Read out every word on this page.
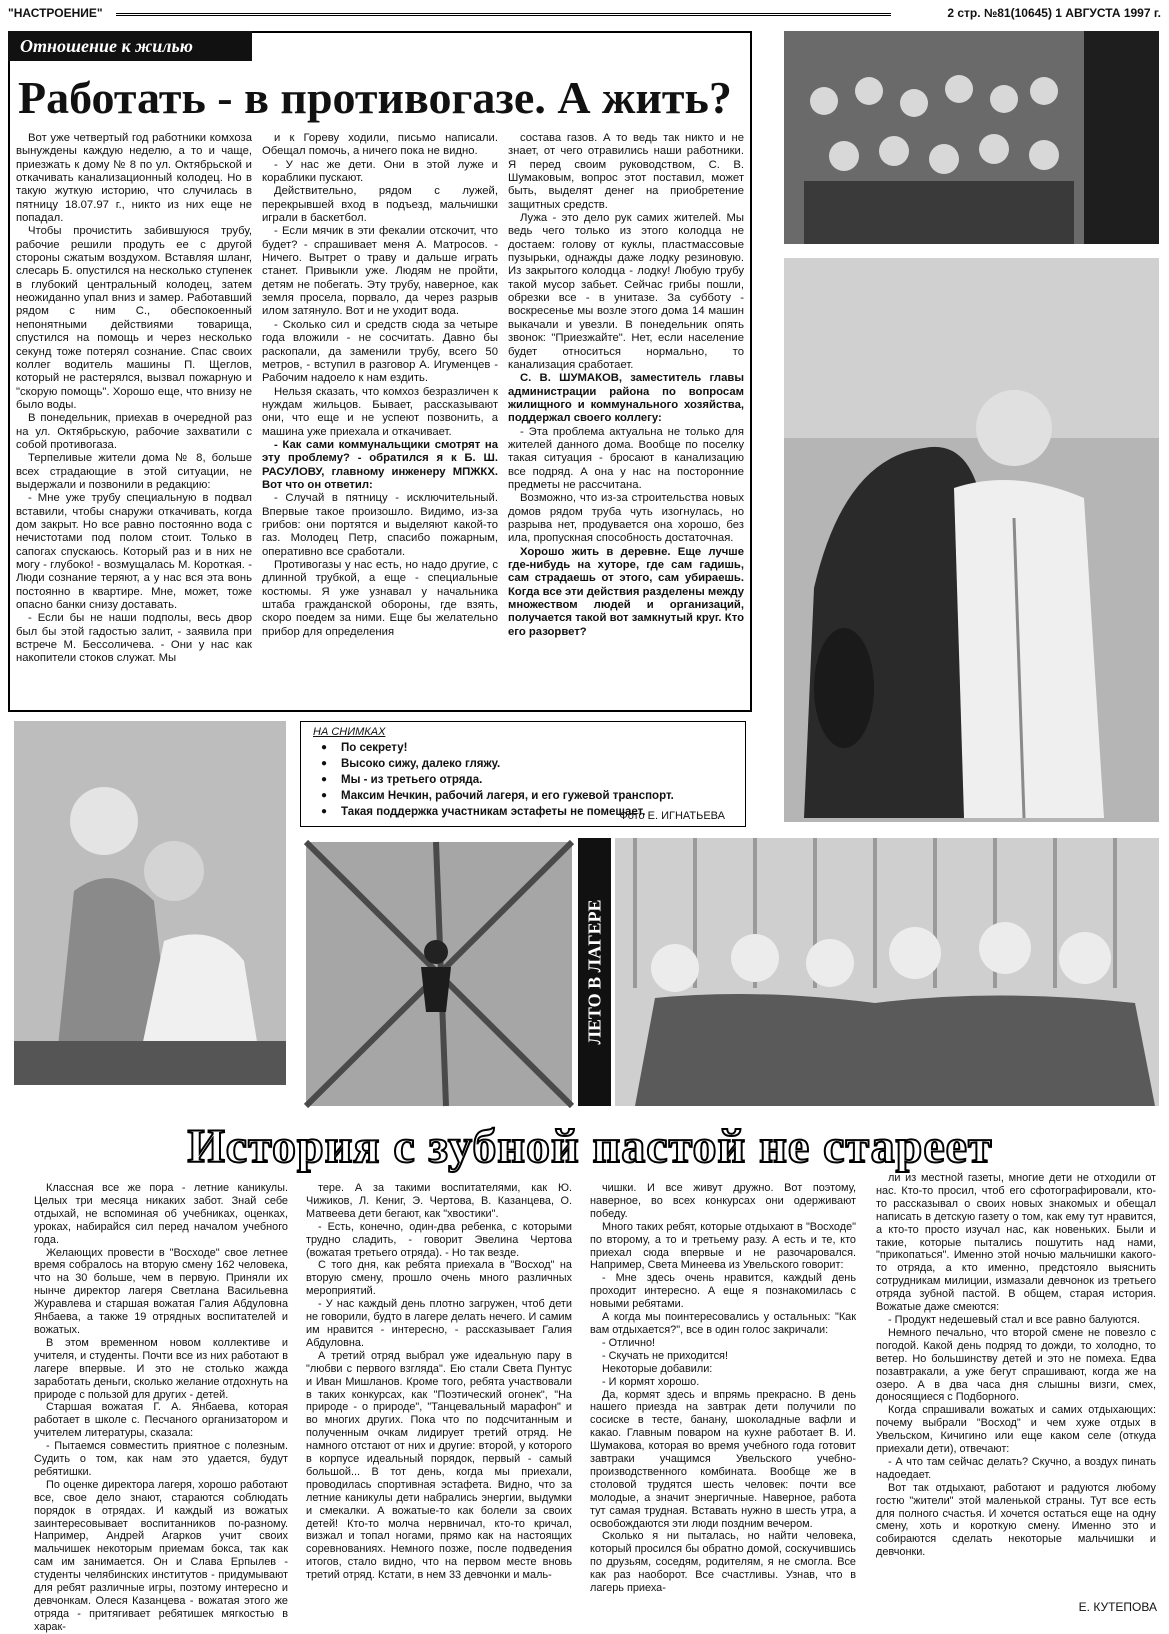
"НАСТРОЕНИЕ"	2 стр. №81(10645) 1 АВГУСТА 1997 г.
Отношение к жилью
Работать - в противогазе. А жить?

Вот уже четвертый год работники комхоза вынуждены каждую неделю, а то и чаще, приезжать к дому № 8 по ул. Октябрьской и откачивать канализационный колодец. Но в такую жуткую историю, что случилась в пятницу 18.07.97 г., никто из них еще не попадал.

Чтобы прочистить забившуюся трубу, рабочие решили продуть ее с другой стороны сжатым воздухом. Вставляя шланг, слесарь Б. опустился на несколько ступенек в глубокий центральный колодец, затем неожиданно упал вниз и замер. Работавший рядом с ним С., обеспокоенный непонятными действиями товарища, спустился на помощь и через несколько секунд тоже потерял сознание. Спас своих коллег водитель машины П. Щеглов, который не растерялся, вызвал пожарную и "скорую помощь". Хорошо еще, что внизу не было воды.

В понедельник, приехав в очередной раз на ул. Октябрьскую, рабочие захватили с собой противогаза.

Терпеливые жители дома № 8, больше всех страдающие в этой ситуации, не выдержали и позвонили в редакцию:

- Мне уже трубу специальную в подвал вставили, чтобы снаружи откачивать, когда дом закрыт. Но все равно постоянно вода с нечистотами под полом стоит. Только в сапогах спускаюсь. Который раз и в них не могу - глубоко! - возмущалась М. Короткая. - Люди сознание теряют, а у нас вся эта вонь постоянно в квартире. Мне, может, тоже опасно банки снизу доставать.

- Если бы не наши подполы, весь двор был бы этой гадостью залит, - заявила при встрече М. Бессоличева. - Они у нас как накопители стоков служат. Мы

и к Гореву ходили, письмо написали. Обещал помочь, а ничего пока не видно.

- У нас же дети. Они в этой луже и кораблики пускают.

Действительно, рядом с лужей, перекрывшей вход в подъезд, мальчишки играли в баскетбол.

- Если мячик в эти фекалии отскочит, что будет? - спрашивает меня А. Матросов. - Ничего. Вытрет о траву и дальше играть станет. Привыкли уже. Людям не пройти, детям не побегать. Эту трубу, наверное, как земля просела, порвало, да через разрыв илом затянуло. Вот и не уходит вода.

- Сколько сил и средств сюда за четыре года вложили - не сосчитать. Давно бы раскопали, да заменили трубу, всего 50 метров, - вступил в разговор А. Игуменцев - Рабочим надоело к нам ездить.

Нельзя сказать, что комхоз безразличен к нуждам жильцов. Бывает, рассказывают они, что еще и не успеют позвонить, а машина уже приехала и откачивает.

- Как сами коммунальщики смотрят на эту проблему? - обратился я к Б. Ш. РАСУЛОВУ, главному инженеру МПЖКХ. Вот что он ответил:

- Случай в пятницу - исключительный. Впервые такое произошло. Видимо, из-за грибов: они портятся и выделяют какой-то газ. Молодец Петр, спасибо пожарным, оперативно все сработали.

Противогазы у нас есть, но надо другие, с длинной трубкой, а еще - специальные костюмы. Я уже узнавал у начальника штаба гражданской обороны, где взять, скоро поедем за ними. Еще бы желательно прибор для определения

состава газов. А то ведь так никто и не знает, от чего отравились наши работники. Я перед своим руководством, С. В. Шумаковым, вопрос этот поставил, может быть, выделят денег на приобретение защитных средств.

Лужа - это дело рук самих жителей. Мы ведь чего только из этого колодца не достаем: голову от куклы, пластмассовые пузырьки, однажды даже лодку резиновую. Из закрытого колодца - лодку! Любую трубу такой мусор забьет. Сейчас грибы пошли, обрезки все - в унитазе. За субботу - воскресенье мы возле этого дома 14 машин выкачали и увезли. В понедельник опять звонок: "Приезжайте". Нет, если население будет относиться нормально, то канализация сработает.

С. В. ШУМАКОВ, заместитель главы администрации района по вопросам жилищного и коммунального хозяйства, поддержал своего коллегу:

- Эта проблема актуальна не только для жителей данного дома. Вообще по поселку такая ситуация - бросают в канализацию все подряд. А она у нас на посторонние предметы не рассчитана.

Возможно, что из-за строительства новых домов рядом труба чуть изогнулась, но разрыва нет, продувается она хорошо, без ила, пропускная способность достаточная.

Хорошо жить в деревне. Еще лучше где-нибудь на хуторе, где сам гадишь, сам страдаешь от этого, сам убираешь. Когда все эти действия разделены между множеством людей и организаций, получается такой вот замкнутый круг. Кто его разорвет?

ЛЕТО В ЛАГЕРЕ
НА СНИМКАХ
● По секрету!
● Высоко сижу, далеко гляжу.
● Мы - из третьего отряда.
● Максим Нечкин, рабочий лагеря, и его гужевой транспорт.
● Такая поддержка участникам эстафеты не помешает.
Фото Е. ИГНАТЬЕВА
История с зубной пастой не стареет

Классная все же пора - летние каникулы. Целых три месяца никаких забот. Знай себе отдыхай, не вспоминая об учебниках, оценках, уроках, набирайся сил перед началом учебного года.

Желающих провести в "Восходе" свое летнее время собралось на вторую смену 162 человека, что на 30 больше, чем в первую. Приняли их нынче директор лагеря Светлана Васильевна Журавлева и старшая вожатая Галия Абдуловна Янбаева, а также 19 отрядных воспитателей и вожатых.

В этом временном новом коллективе и учителя, и студенты. Почти все из них работают в лагере впервые. И это не столько жажда заработать деньги, сколько желание отдохнуть на природе с пользой для других - детей.

Старшая вожатая Г. А. Янбаева, которая работает в школе с. Песчаного организатором и учителем литературы, сказала:

- Пытаемся совместить приятное с полезным. Судить о том, как нам это удается, будут ребятишки.

По оценке директора лагеря, хорошо работают все, свое дело знают, стараются соблюдать порядок в отрядах. И каждый из вожатых заинтересовывает воспитанников по-разному. Например, Андрей Агарков учит своих мальчишек некоторым приемам бокса, так как сам им занимается. Он и Слава Ерпылев - студенты челябинских институтов - придумывают для ребят различные игры, поэтому интересно и девчонкам. Олеся Казанцева - вожатая этого же отряда - притягивает ребятишек мягкостью в харак-

тере. А за такими воспитателями, как Ю. Чижиков, Л. Кениг, Э. Чертова, В. Казанцева, О. Матвеева дети бегают, как "хвостики".

- Есть, конечно, один-два ребенка, с которыми трудно сладить, - говорит Эвелина Чертова (вожатая третьего отряда). - Но так везде.

С того дня, как ребята приехала в "Восход" на вторую смену, прошло очень много различных мероприятий.

- У нас каждый день плотно загружен, чтоб дети не говорили, будто в лагере делать нечего. И самим им нравится - интересно, - рассказывает Галия Абдуловна.

А третий отряд выбрал уже идеальную пару в "любви с первого взгляда". Ею стали Света Пунтус и Иван Мишланов. Кроме того, ребята участвовали в таких конкурсах, как "Поэтический огонек", "На природе - о природе", "Танцевальный марафон" и во многих других. Пока что по подсчитанным и полученным очкам лидирует третий отряд. Не намного отстают от них и другие: второй, у которого в корпусе идеальный порядок, первый - самый большой... В тот день, когда мы приехали, проводилась спортивная эстафета. Видно, что за летние каникулы дети набрались энергии, выдумки и смекалки. А вожатые-то как болели за своих детей! Кто-то молча нервничал, кто-то кричал, визжал и топал ногами, прямо как на настоящих соревнованиях. Немного позже, после подведения итогов, стало видно, что на первом месте вновь третий отряд. Кстати, в нем 33 девчонки и маль-

чишки. И все живут дружно. Вот поэтому, наверное, во всех конкурсах они одерживают победу.

Много таких ребят, которые отдыхают в "Восходе" по второму, а то и третьему разу. А есть и те, кто приехал сюда впервые и не разочаровался. Например, Света Минеева из Увельского говорит:

- Мне здесь очень нравится, каждый день проходит интересно. А еще я познакомилась с новыми ребятами.

А когда мы поинтересовались у остальных: "Как вам отдыхается?", все в один голос закричали:

- Отлично!

- Скучать не приходится!

Некоторые добавили:

- И кормят хорошо.

Да, кормят здесь и впрямь прекрасно. В день нашего приезда на завтрак дети получили по сосиске в тесте, банану, шоколадные вафли и какао. Главным поваром на кухне работает В. И. Шумакова, которая во время учебного года готовит завтраки учащимся Увельского учебно-производственного комбината. Вообще же в столовой трудятся шесть человек: почти все молодые, а значит энергичные. Наверное, работа тут самая трудная. Вставать нужно в шесть утра, а освобождаются эти люди поздним вечером.

Сколько я ни пыталась, но найти человека, который просился бы обратно домой, соскучившись по друзьям, соседям, родителям, я не смогла. Все как раз наоборот. Все счастливы. Узнав, что в лагерь приеха-

ли из местной газеты, многие дети не отходили от нас. Кто-то просил, чтоб его сфотографировали, кто-то рассказывал о своих новых знакомых и обещал написать в детскую газету о том, как ему тут нравится, а кто-то просто изучал нас, как новеньких. Были и такие, которые пытались пошутить над нами, "прикопаться". Именно этой ночью мальчишки какого-то отряда, а кто именно, предстояло выяснить сотрудникам милиции, измазали девчонок из третьего отряда зубной пастой. В общем, старая история. Вожатые даже смеются:

- Продукт недешевый стал и все равно балуются.

Немного печально, что второй смене не повезло с погодой. Какой день подряд то дожди, то холодно, то ветер. Но большинству детей и это не помеха. Едва позавтракали, а уже бегут спрашивают, когда же на озеро. А в два часа дня слышны визги, смех, доносящиеся с Подборного.

Когда спрашивали вожатых и самих отдыхающих: почему выбрали "Восход" и чем хуже отдых в Увельском, Кичигино или еще каком селе (откуда приехали дети), отвечают:

- А что там сейчас делать? Скучно, а воздух пинать надоедает.

Вот так отдыхают, работают и радуются любому гостю "жители" этой маленькой страны. Тут все есть для полного счастья. И хочется остаться еще на одну смену, хоть и короткую смену. Именно это и собираются сделать некоторые мальчишки и девчонки.

Е. КУТЕПОВА
